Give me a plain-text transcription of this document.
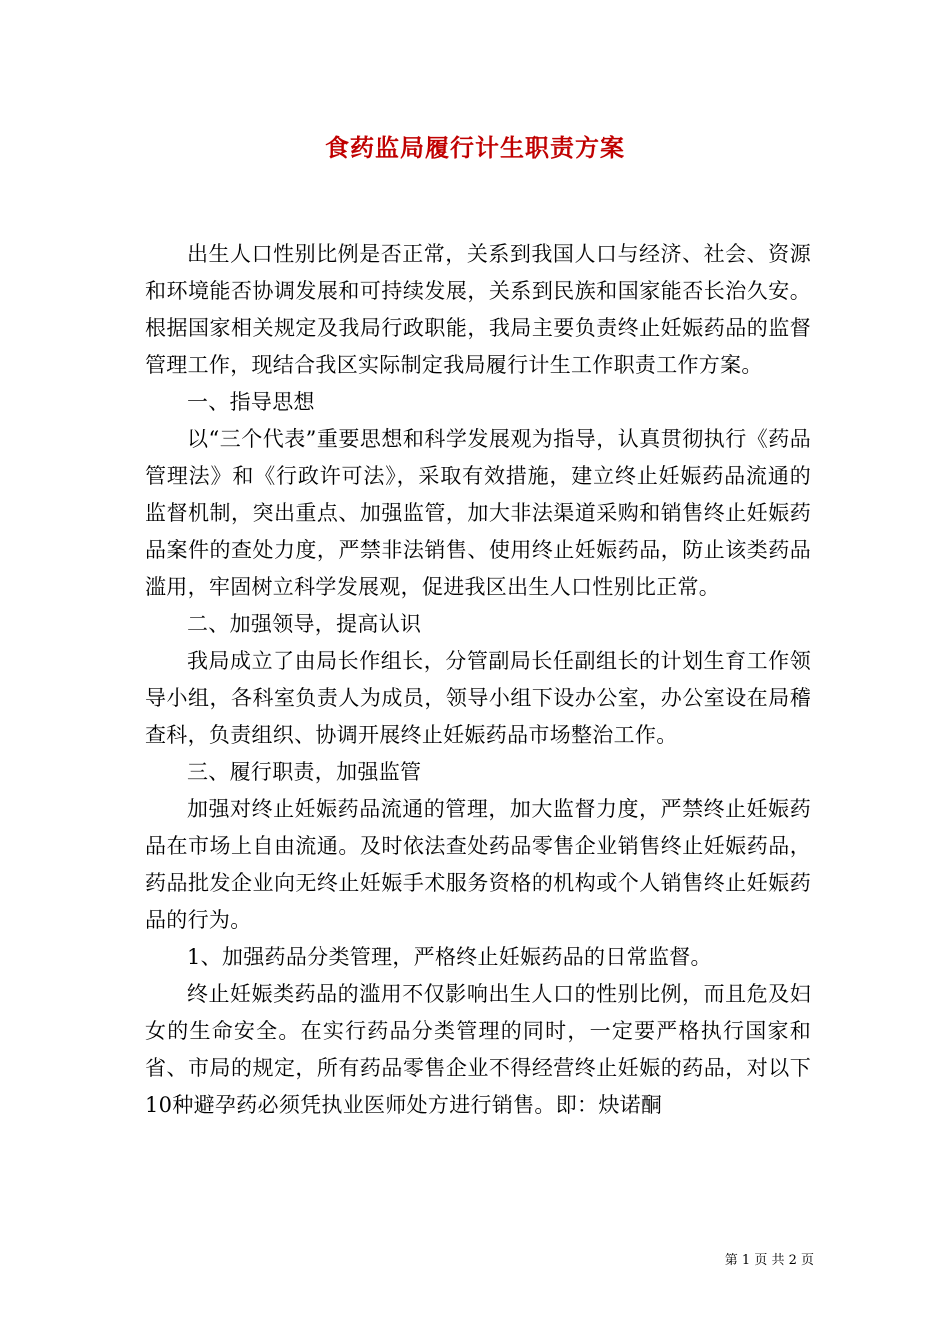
食药监局履行计生职责方案

出生人口性别比例是否正常，关系到我国人口与经济、社会、资源和环境能否协调发展和可持续发展，关系到民族和国家能否长治久安。根据国家相关规定及我局行政职能，我局主要负责终止妊娠药品的监督管理工作，现结合我区实际制定我局履行计生工作职责工作方案。

一、指导思想

以“三个代表”重要思想和科学发展观为指导，认真贯彻执行《药品管理法》和《行政许可法》，采取有效措施，建立终止妊娠药品流通的监督机制，突出重点、加强监管，加大非法渠道采购和销售终止妊娠药品案件的查处力度，严禁非法销售、使用终止妊娠药品，防止该类药品滥用，牢固树立科学发展观，促进我区出生人口性别比正常。

二、加强领导，提高认识

我局成立了由局长作组长，分管副局长任副组长的计划生育工作领导小组，各科室负责人为成员，领导小组下设办公室，办公室设在局稽查科，负责组织、协调开展终止妊娠药品市场整治工作。

三、履行职责，加强监管

加强对终止妊娠药品流通的管理，加大监督力度，严禁终止妊娠药品在市场上自由流通。及时依法查处药品零售企业销售终止妊娠药品，药品批发企业向无终止妊娠手术服务资格的机构或个人销售终止妊娠药品的行为。

1、加强药品分类管理，严格终止妊娠药品的日常监督。

终止妊娠类药品的滥用不仅影响出生人口的性别比例，而且危及妇女的生命安全。在实行药品分类管理的同时，一定要严格执行国家和省、市局的规定，所有药品零售企业不得经营终止妊娠的药品，对以下10种避孕药必须凭执业医师处方进行销售。即：炔诺酮

第 1 页 共 2 页
